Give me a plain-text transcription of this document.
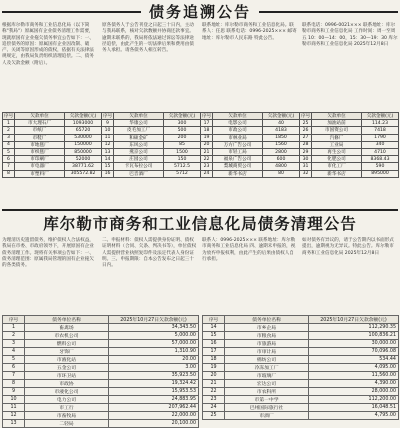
债务追溯公告

根据库尔勒市商务和工业信息化局（以下简称"我局"）原属国有企业债务清理工作需要，现就原国有企业拖欠债务事宜公告如下：一、追偿债务的原因：原属国有企业因改制、破产、关闭等原因形成的债权，依据有关法律法规规定，由我局负责组织清理追偿。二、债务人及欠款金额（附后）。

原各债务人于公告刊登之日起三十日内，主动与我局联系，核对欠款数额并协商还款事宜。逾期未联系的，我局将依法通过诉讼等法律途径追偿，由此产生的一切法律后果和费用由债务人承担。请各债务人相互转告。

联系地址：库尔勒市商务和工业信息化局。联系人：任思 联系电话：0996-2025××× 邮寄地址：库尔勒市人民东路 特此公告。

联系电话：0996-0021××× 联系地址：库尔勒市商务和工业信息化局 工作时间：周一至周五 10：00—14：00，15：30—19：30 库尔勒市商务和工业信息化局 2025年12月8日

序号	欠款单位	欠款金额(元)	序号	欠款单位	欠款金额(元)	序号	欠款单位	欠款金额(元)	序号	欠款单位	欠款金额(元)
1	市大理石厂	1093000	9	华康公司	300	17	电影公司	40	25	加油站前	114.23
2	市纸厂	65720	10	皮毛加工厂	500	18	市政公司	4183	26	市国资公司	7418
3	市鞋厂	530000	11	和硕金矿	200	19	市林业局	1850	27	汽修厂	1790
4	市地毯厂	150000	12	东风公司	85	20	万方广告公司	1560	28	工业局	340
5	市织毯厂	850000	13	燕京公司	1500	21	市轻工局	2800	29	再生公司	4710
6	市印刷厂	52000	14	庄园公司	150	22	福泉广告公司	600	30	化肥公司	8368.43
7	市电器厂	38771.62	15	卡瓦布拉公司	5712.5	23	梨城商贸公司	4800	31	市化工厂	590
8	市塑料厂	305572.82	16	巴音酒厂	5712	24	新华书店	80	32	新华书店	895000
库尔勒市商务和工业信息化局债务清理公告
为理清历史遗留债务，维护债权人合法权益，我局在市委、市政府领导下，开展原国有企业债务清理工作。现将有关事项公告如下：一、债务清理范围：原属我局管理的国有企业拖欠的各类债务。
二、申报材料：债权人需提供身份证明、债权证明材料（合同、欠条、判决书等），单位债权人需提供营业执照复印件及法定代表人身份证明。三、申报期限：自本公告发布之日起三十日内。
联系人：0996-2025××× 联系地址：库尔勒市商务和工业信息化局 四、逾期未申报的，视为放弃申报权利，由此产生的后果由债权人自行承担。
如对债务有异议的，请于公告期内以书面形式提出，逾期视为无异议。特此公告。库尔勒市商务和工业信息化局 2025年12月8日
序号	债务单位名称	2025年10月27日欠款余额(元)
1	畜禽场	34,343.50
2	市农机公司	5,000.00
3	燃料公司	57,000.00
4	牙饰厂	1,310.90
5	市液化站	20.00
6	五金公司	3.00
7	市环卫站	35,923.50
8	市政协	19,324.42
9	市液化公司	15,953.53
10	电力公司	24,883.95
11	市工行	207,962.44
12	市畜牧局	22,000.00
13	二轻局	20,100.00
序号	债务单位名称	2025年10月27日欠款余额(元)
14	市乡企局	112,290.35
15	市粮食局	100,836.21
16	市旅游局	30,000.00
17	市审计局	70,096.08
18	棉纺公司	534.44
19	冷冻加工厂	4,095.00
20	市玻璃厂	11,560.00
21	宏达公司	4,390.00
22	市农科所	28,000.00
23	市第一中学	112,200.00
24	巴州国际旅行社	16,048.51
25	市酒厂	4,795.00
